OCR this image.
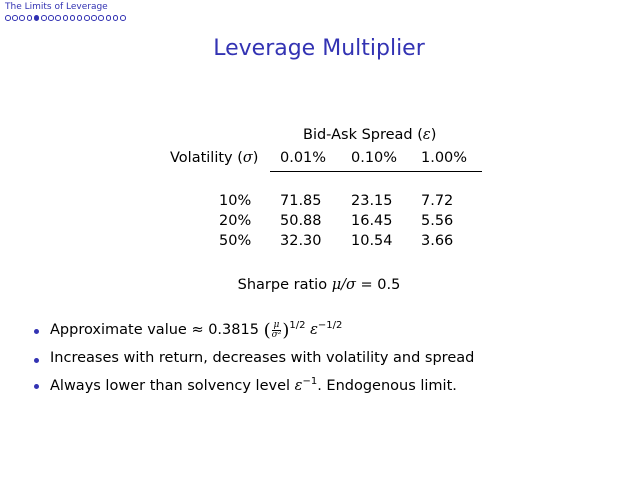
The Limits of Leverage
Leverage Multiplier
Bid-Ask Spread (ε)
Volatility (σ) 0.01% 0.10% 1.00%
10% 71.85 23.15 7.72
20% 50.88 16.45 5.56
50% 32.30 10.54 3.66
Sharpe ratio μ/σ = 0.5
Approximate value ≈ 0.3815 ( $\frac{\mu}{\text{σ²}} )^{1/2}$ $\varepsilon^{-1/2}$
Increases with return, decreases with volatility and spread
Always lower than solvency level $\varepsilon^{-1}$. Endogenous limit.
